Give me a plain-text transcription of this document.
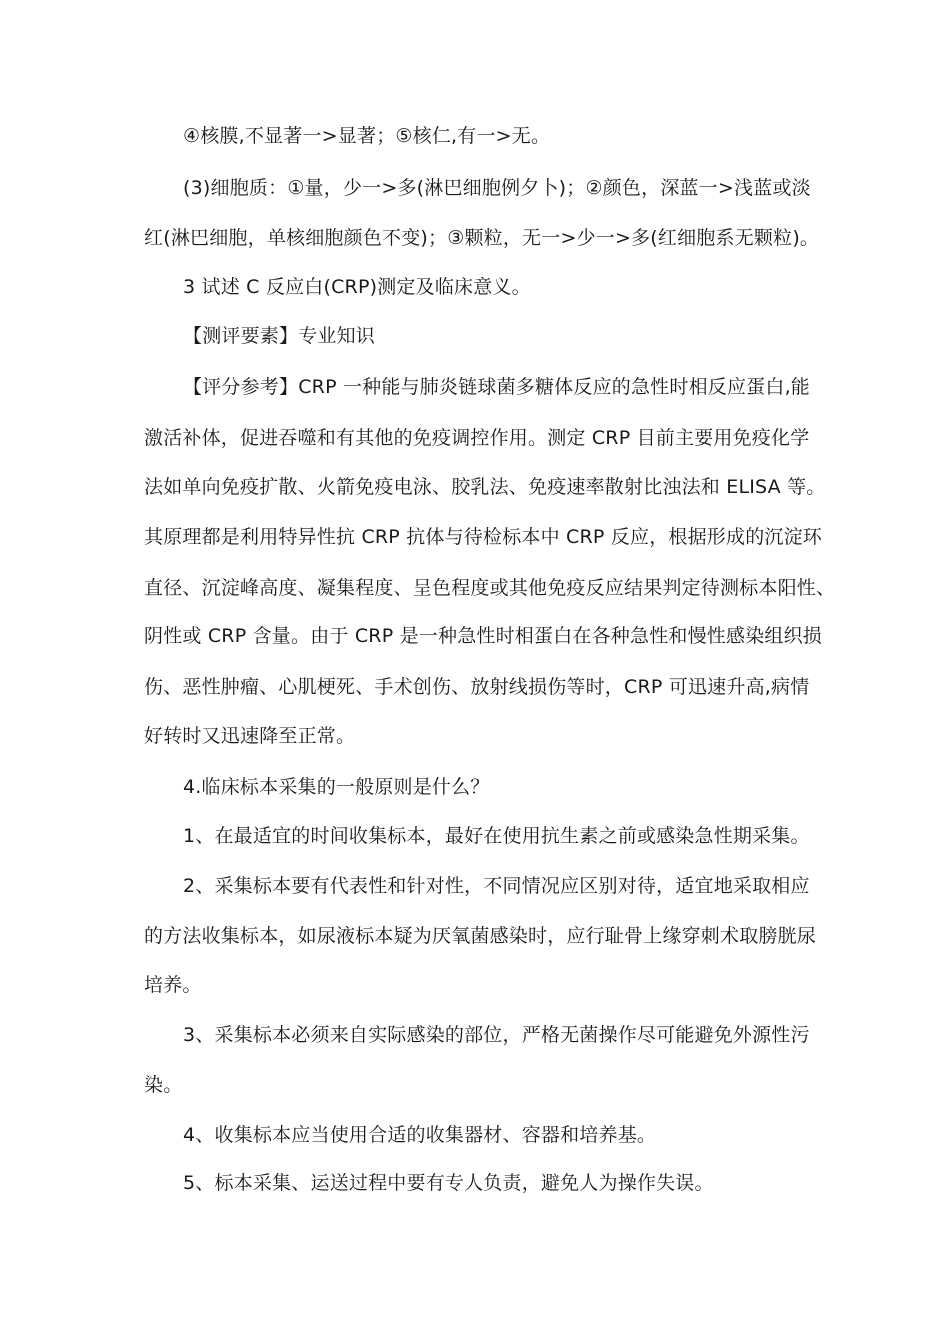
④核膜,不显著一>显著；⑤核仁,有一>无。
(3)细胞质：①量，少一>多(淋巴细胞例夕卜)；②颜色，深蓝一>浅蓝或淡
红(淋巴细胞，单核细胞颜色不变)；③颗粒，无一>少一>多(红细胞系无颗粒)。
3 试述 C 反应白(CRP)测定及临床意义。
【测评要素】专业知识
【评分参考】CRP 一种能与肺炎链球菌多糖体反应的急性时相反应蛋白,能
激活补体，促进吞噬和有其他的免疫调控作用。测定 CRP 目前主要用免疫化学
法如单向免疫扩散、火箭免疫电泳、胶乳法、免疫速率散射比浊法和 ELISA 等。
其原理都是利用特异性抗 CRP 抗体与待检标本中 CRP 反应，根据形成的沉淀环
直径、沉淀峰高度、凝集程度、呈色程度或其他免疫反应结果判定待测标本阳性、
阴性或 CRP 含量。由于 CRP 是一种急性时相蛋白在各种急性和慢性感染组织损
伤、恶性肿瘤、心肌梗死、手术创伤、放射线损伤等时，CRP 可迅速升高,病情
好转时又迅速降至正常。
4.临床标本采集的一般原则是什么？
1、在最适宜的时间收集标本，最好在使用抗生素之前或感染急性期采集。
2、采集标本要有代表性和针对性，不同情况应区别对待，适宜地采取相应
的方法收集标本，如尿液标本疑为厌氧菌感染时，应行耻骨上缘穿刺术取膀胱尿
培养。
3、采集标本必须来自实际感染的部位，严格无菌操作尽可能避免外源性污
染。
4、收集标本应当使用合适的收集器材、容器和培养基。
5、标本采集、运送过程中要有专人负责，避免人为操作失误。
